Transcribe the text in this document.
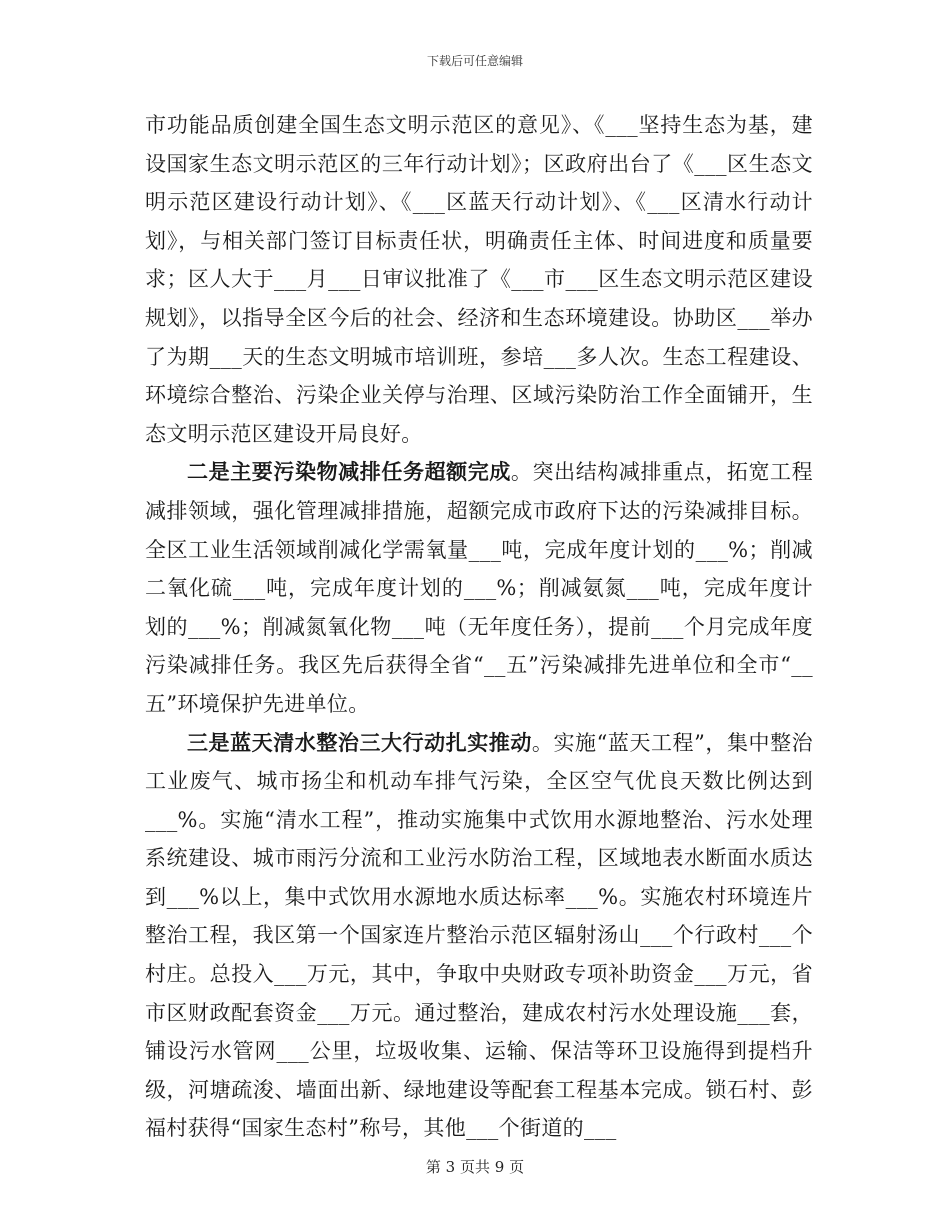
下载后可任意编辑

市功能品质创建全国生态文明示范区的意见》、《___坚持生态为基，建设国家生态文明示范区的三年行动计划》；区政府出台了《___区生态文明示范区建设行动计划》、《___区蓝天行动计划》、《___区清水行动计划》，与相关部门签订目标责任状，明确责任主体、时间进度和质量要求；区人大于___月___日审议批准了《___市___区生态文明示范区建设规划》，以指导全区今后的社会、经济和生态环境建设。协助区___举办了为期___天的生态文明城市培训班，参培___多人次。生态工程建设、环境综合整治、污染企业关停与治理、区域污染防治工作全面铺开，生态文明示范区建设开局良好。

二是主要污染物减排任务超额完成。突出结构减排重点，拓宽工程减排领域，强化管理减排措施，超额完成市政府下达的污染减排目标。全区工业生活领域削减化学需氧量___吨，完成年度计划的___%；削减二氧化硫___吨，完成年度计划的___%；削减氨氮___吨，完成年度计划的___%；削减氮氧化物___吨（无年度任务），提前___个月完成年度污染减排任务。我区先后获得全省“__五”污染减排先进单位和全市“__五”环境保护先进单位。

三是蓝天清水整治三大行动扎实推动。实施“蓝天工程”，集中整治工业废气、城市扬尘和机动车排气污染，全区空气优良天数比例达到___%。实施“清水工程”，推动实施集中式饮用水源地整治、污水处理系统建设、城市雨污分流和工业污水防治工程，区域地表水断面水质达到___%以上，集中式饮用水源地水质达标率___%。实施农村环境连片整治工程，我区第一个国家连片整治示范区辐射汤山___个行政村___个村庄。总投入___万元，其中，争取中央财政专项补助资金___万元，省市区财政配套资金___万元。通过整治，建成农村污水处理设施___套，铺设污水管网___公里，垃圾收集、运输、保洁等环卫设施得到提档升级，河塘疏浚、墙面出新、绿地建设等配套工程基本完成。锁石村、彭福村获得“国家生态村”称号，其他___个街道的___

第 3 页共 9 页
